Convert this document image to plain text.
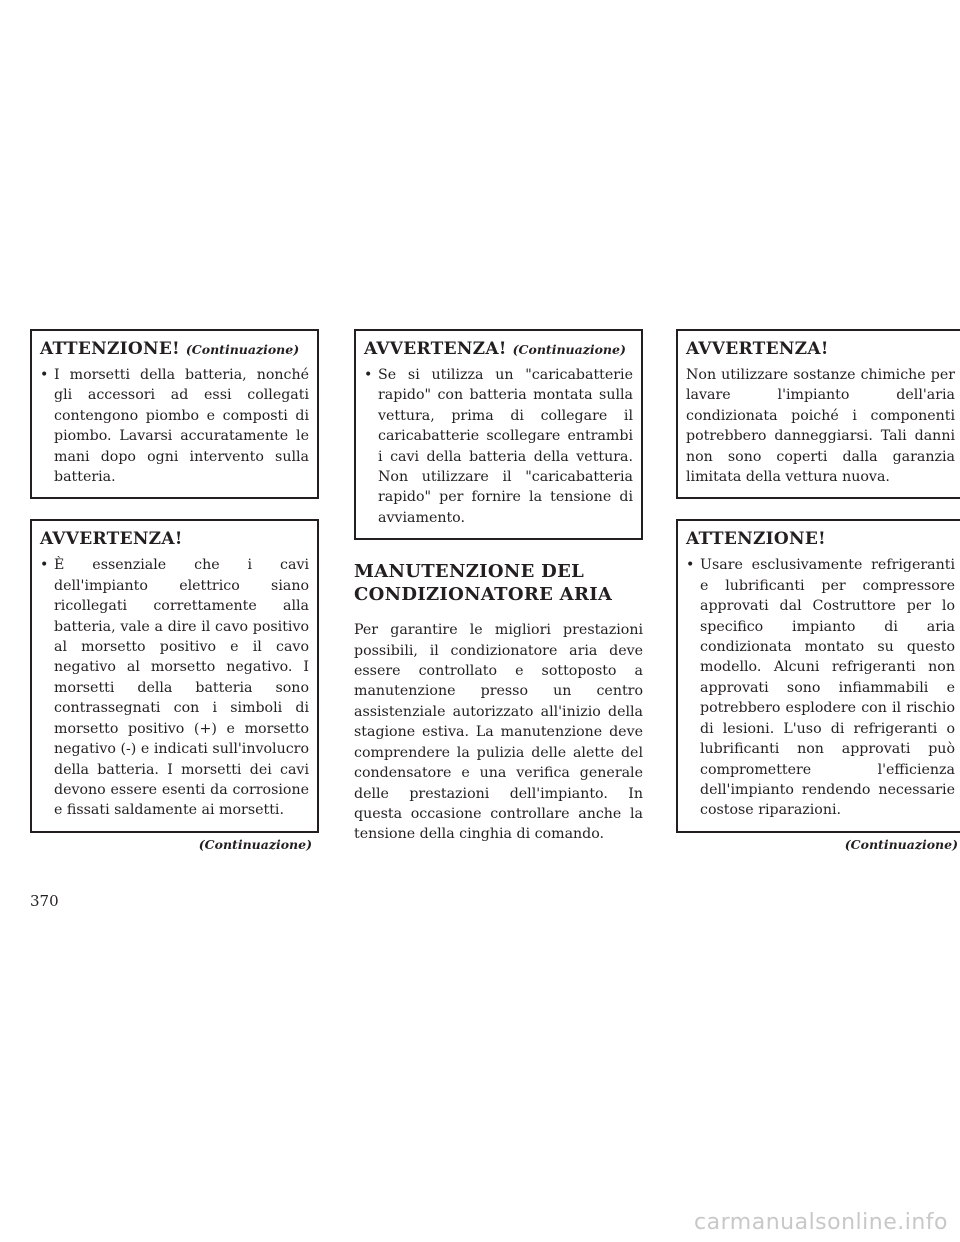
ATTENZIONE! (Continuazione)
• I morsetti della batteria, nonché gli accessori ad essi collegati contengono piombo e composti di piombo. Lavarsi accuratamente le mani dopo ogni intervento sulla batteria.
AVVERTENZA!
• È essenziale che i cavi dell'impianto elettrico siano ricollegati correttamente alla batteria, vale a dire il cavo positivo al morsetto positivo e il cavo negativo al morsetto negativo. I morsetti della batteria sono contrassegnati con i simboli di morsetto positivo (+) e morsetto negativo (-) e indicati sull'involucro della batteria. I morsetti dei cavi devono essere esenti da corrosione e fissati saldamente ai morsetti.
(Continuazione)
AVVERTENZA! (Continuazione)
• Se si utilizza un "caricabatterie rapido" con batteria montata sulla vettura, prima di collegare il caricabatterie scollegare entrambi i cavi della batteria della vettura. Non utilizzare il "caricabatteria rapido" per fornire la tensione di avviamento.
MANUTENZIONE DEL
CONDIZIONATORE ARIA
Per garantire le migliori prestazioni possibili, il condizionatore aria deve essere controllato e sottoposto a manutenzione presso un centro assistenziale autorizzato all'inizio della stagione estiva. La manutenzione deve comprendere la pulizia delle alette del condensatore e una verifica generale delle prestazioni dell'impianto. In questa occasione controllare anche la tensione della cinghia di comando.
AVVERTENZA!
Non utilizzare sostanze chimiche per lavare l'impianto dell'aria condizionata poiché i componenti potrebbero danneggiarsi. Tali danni non sono coperti dalla garanzia limitata della vettura nuova.
ATTENZIONE!
• Usare esclusivamente refrigeranti e lubrificanti per compressore approvati dal Costruttore per lo specifico impianto di aria condizionata montato su questo modello. Alcuni refrigeranti non approvati sono infiammabili e potrebbero esplodere con il rischio di lesioni. L'uso di refrigeranti o lubrificanti non approvati può compromettere l'efficienza dell'impianto rendendo necessarie costose riparazioni.
(Continuazione)
370
carmanualsonline.info
